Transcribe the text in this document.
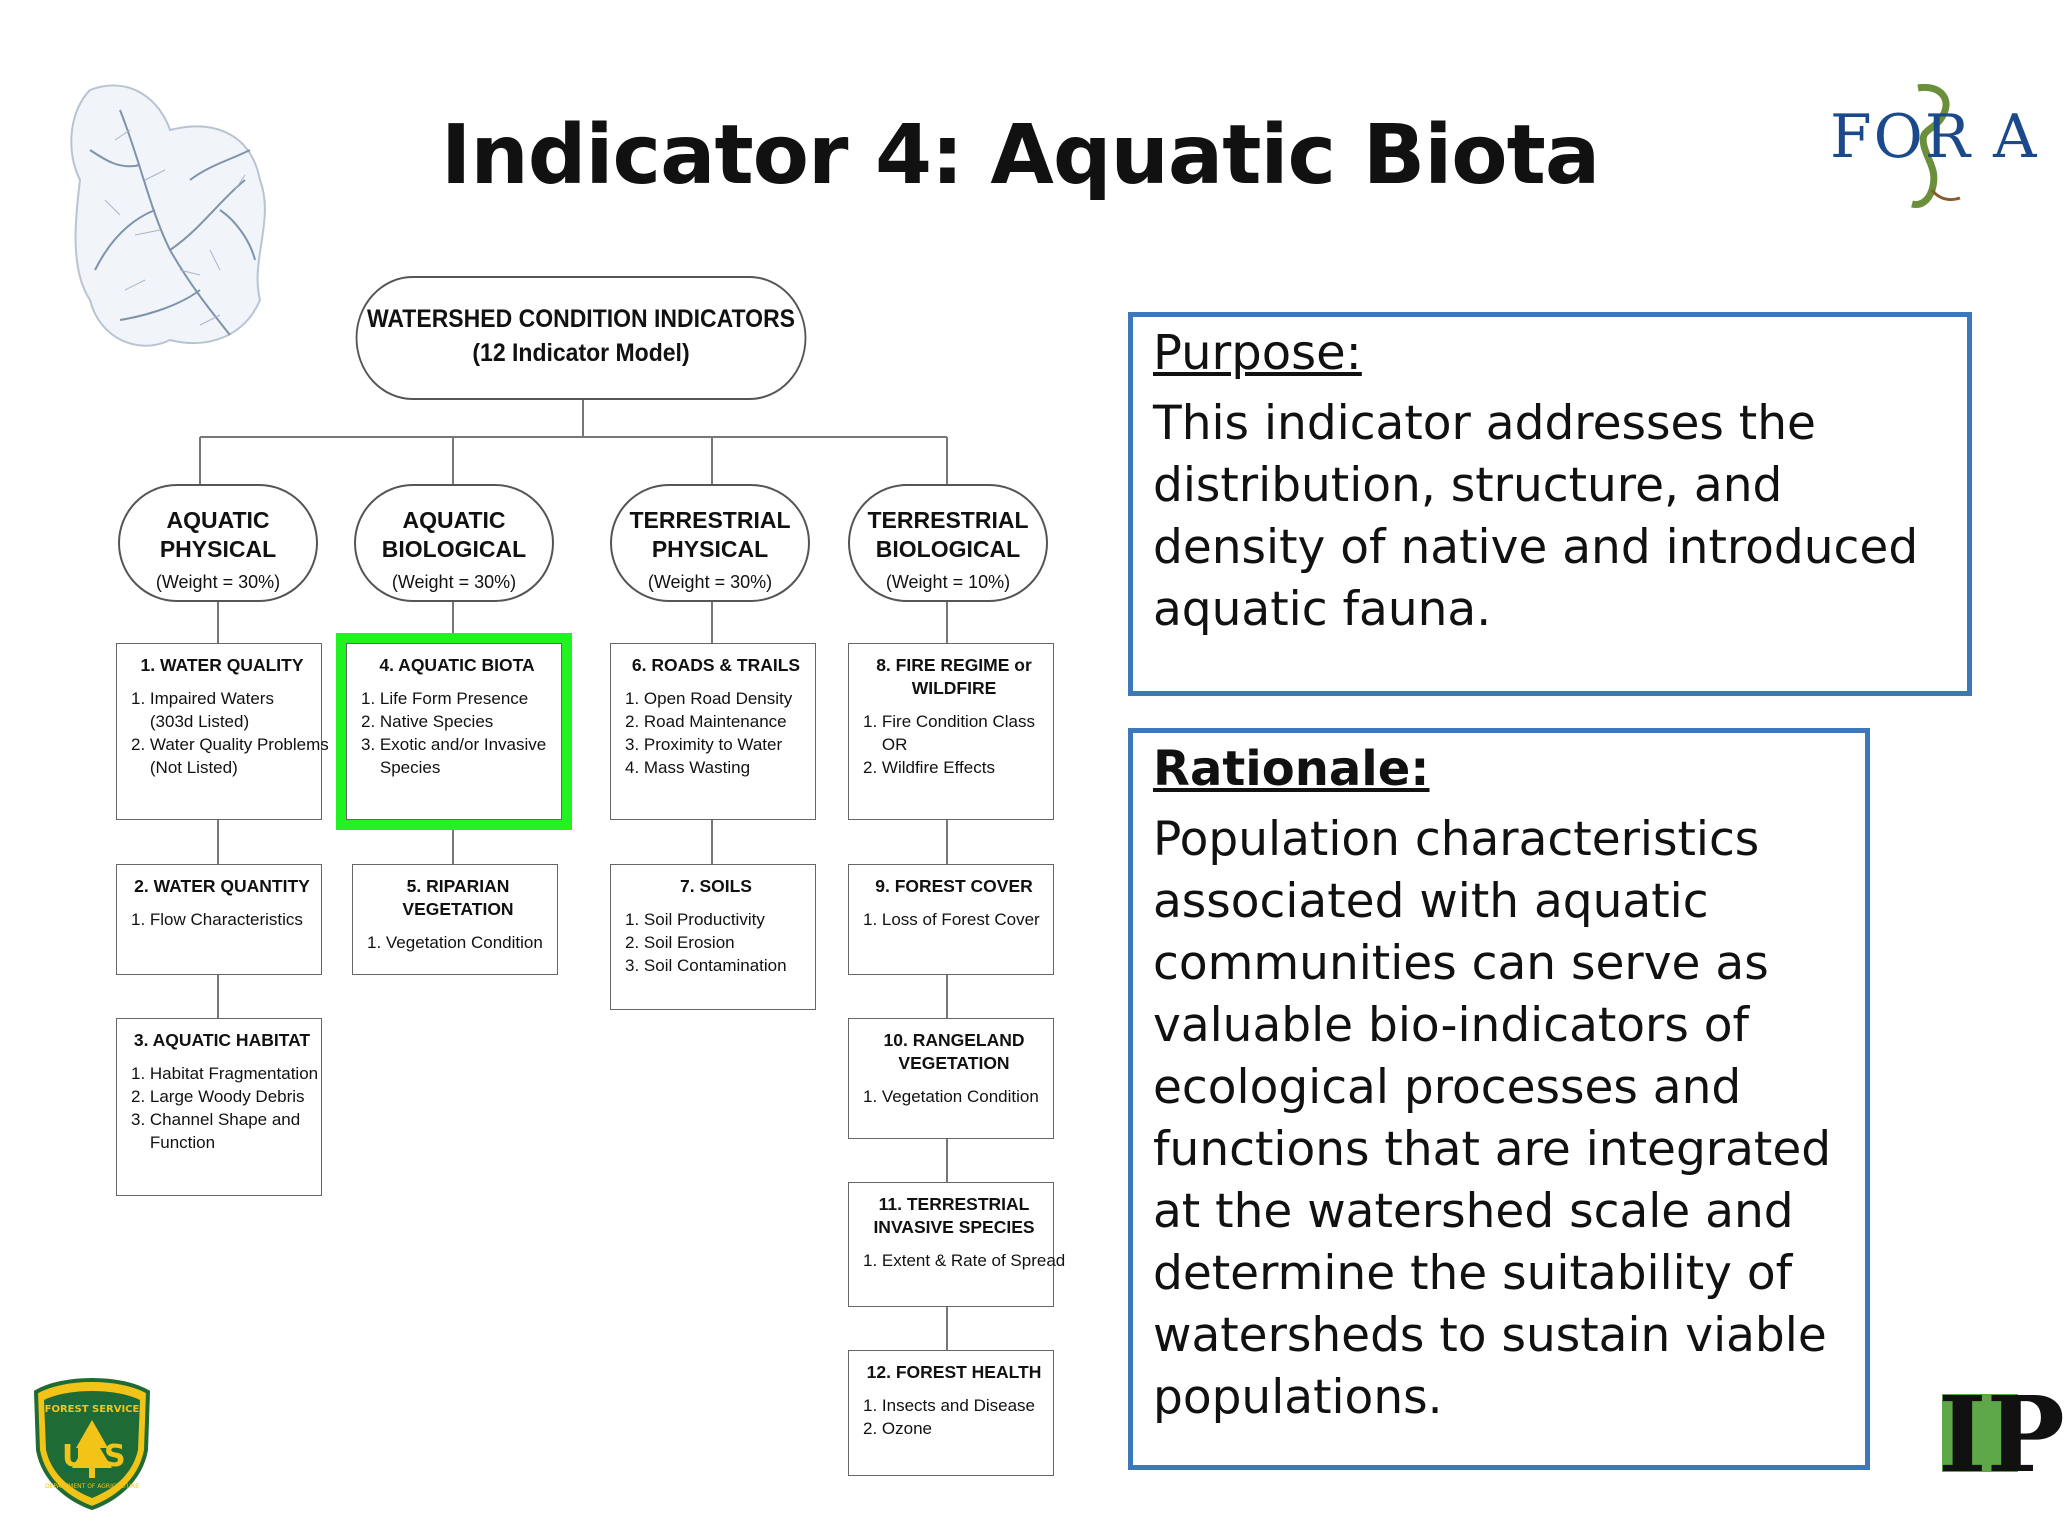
Indicator 4: Aquatic Biota	FOR A
WATERSHED CONDITION INDICATORS
(12 Indicator Model)
AQUATIC
PHYSICAL
(Weight = 30%)
AQUATIC
BIOLOGICAL
(Weight = 30%)
TERRESTRIAL
PHYSICAL
(Weight = 30%)
TERRESTRIAL
BIOLOGICAL
(Weight = 10%)
1. WATER QUALITY
1. Impaired Waters
(303d Listed)
2. Water Quality Problems
(Not Listed)
2. WATER QUANTITY
1. Flow Characteristics
3. AQUATIC HABITAT
1. Habitat Fragmentation
2. Large Woody Debris
3. Channel Shape and
Function
4. AQUATIC BIOTA
1. Life Form Presence
2. Native Species
3. Exotic and/or Invasive
Species
5. RIPARIAN VEGETATION
1. Vegetation Condition
6. ROADS & TRAILS
1. Open Road Density
2. Road Maintenance
3. Proximity to Water
4. Mass Wasting
7. SOILS
1. Soil Productivity
2. Soil Erosion
3. Soil Contamination
8. FIRE REGIME or
WILDFIRE
1. Fire Condition Class
OR
2. Wildfire Effects
9. FOREST COVER
1. Loss of Forest Cover
10. RANGELAND
VEGETATION
1. Vegetation Condition
11. TERRESTRIAL
INVASIVE SPECIES
1. Extent & Rate of Spread
12. FOREST HEALTH
1. Insects and Disease
2. Ozone
Purpose:
This indicator addresses the distribution, structure, and density of native and introduced aquatic fauna.
Rationale:
Population characteristics associated with aquatic communities can serve as valuable bio-indicators of ecological processes and functions that are integrated at the watershed scale and determine the suitability of watersheds to sustain viable populations.
U S
FOREST SERVICE
DEPARTMENT OF AGRICULTURE	IP
